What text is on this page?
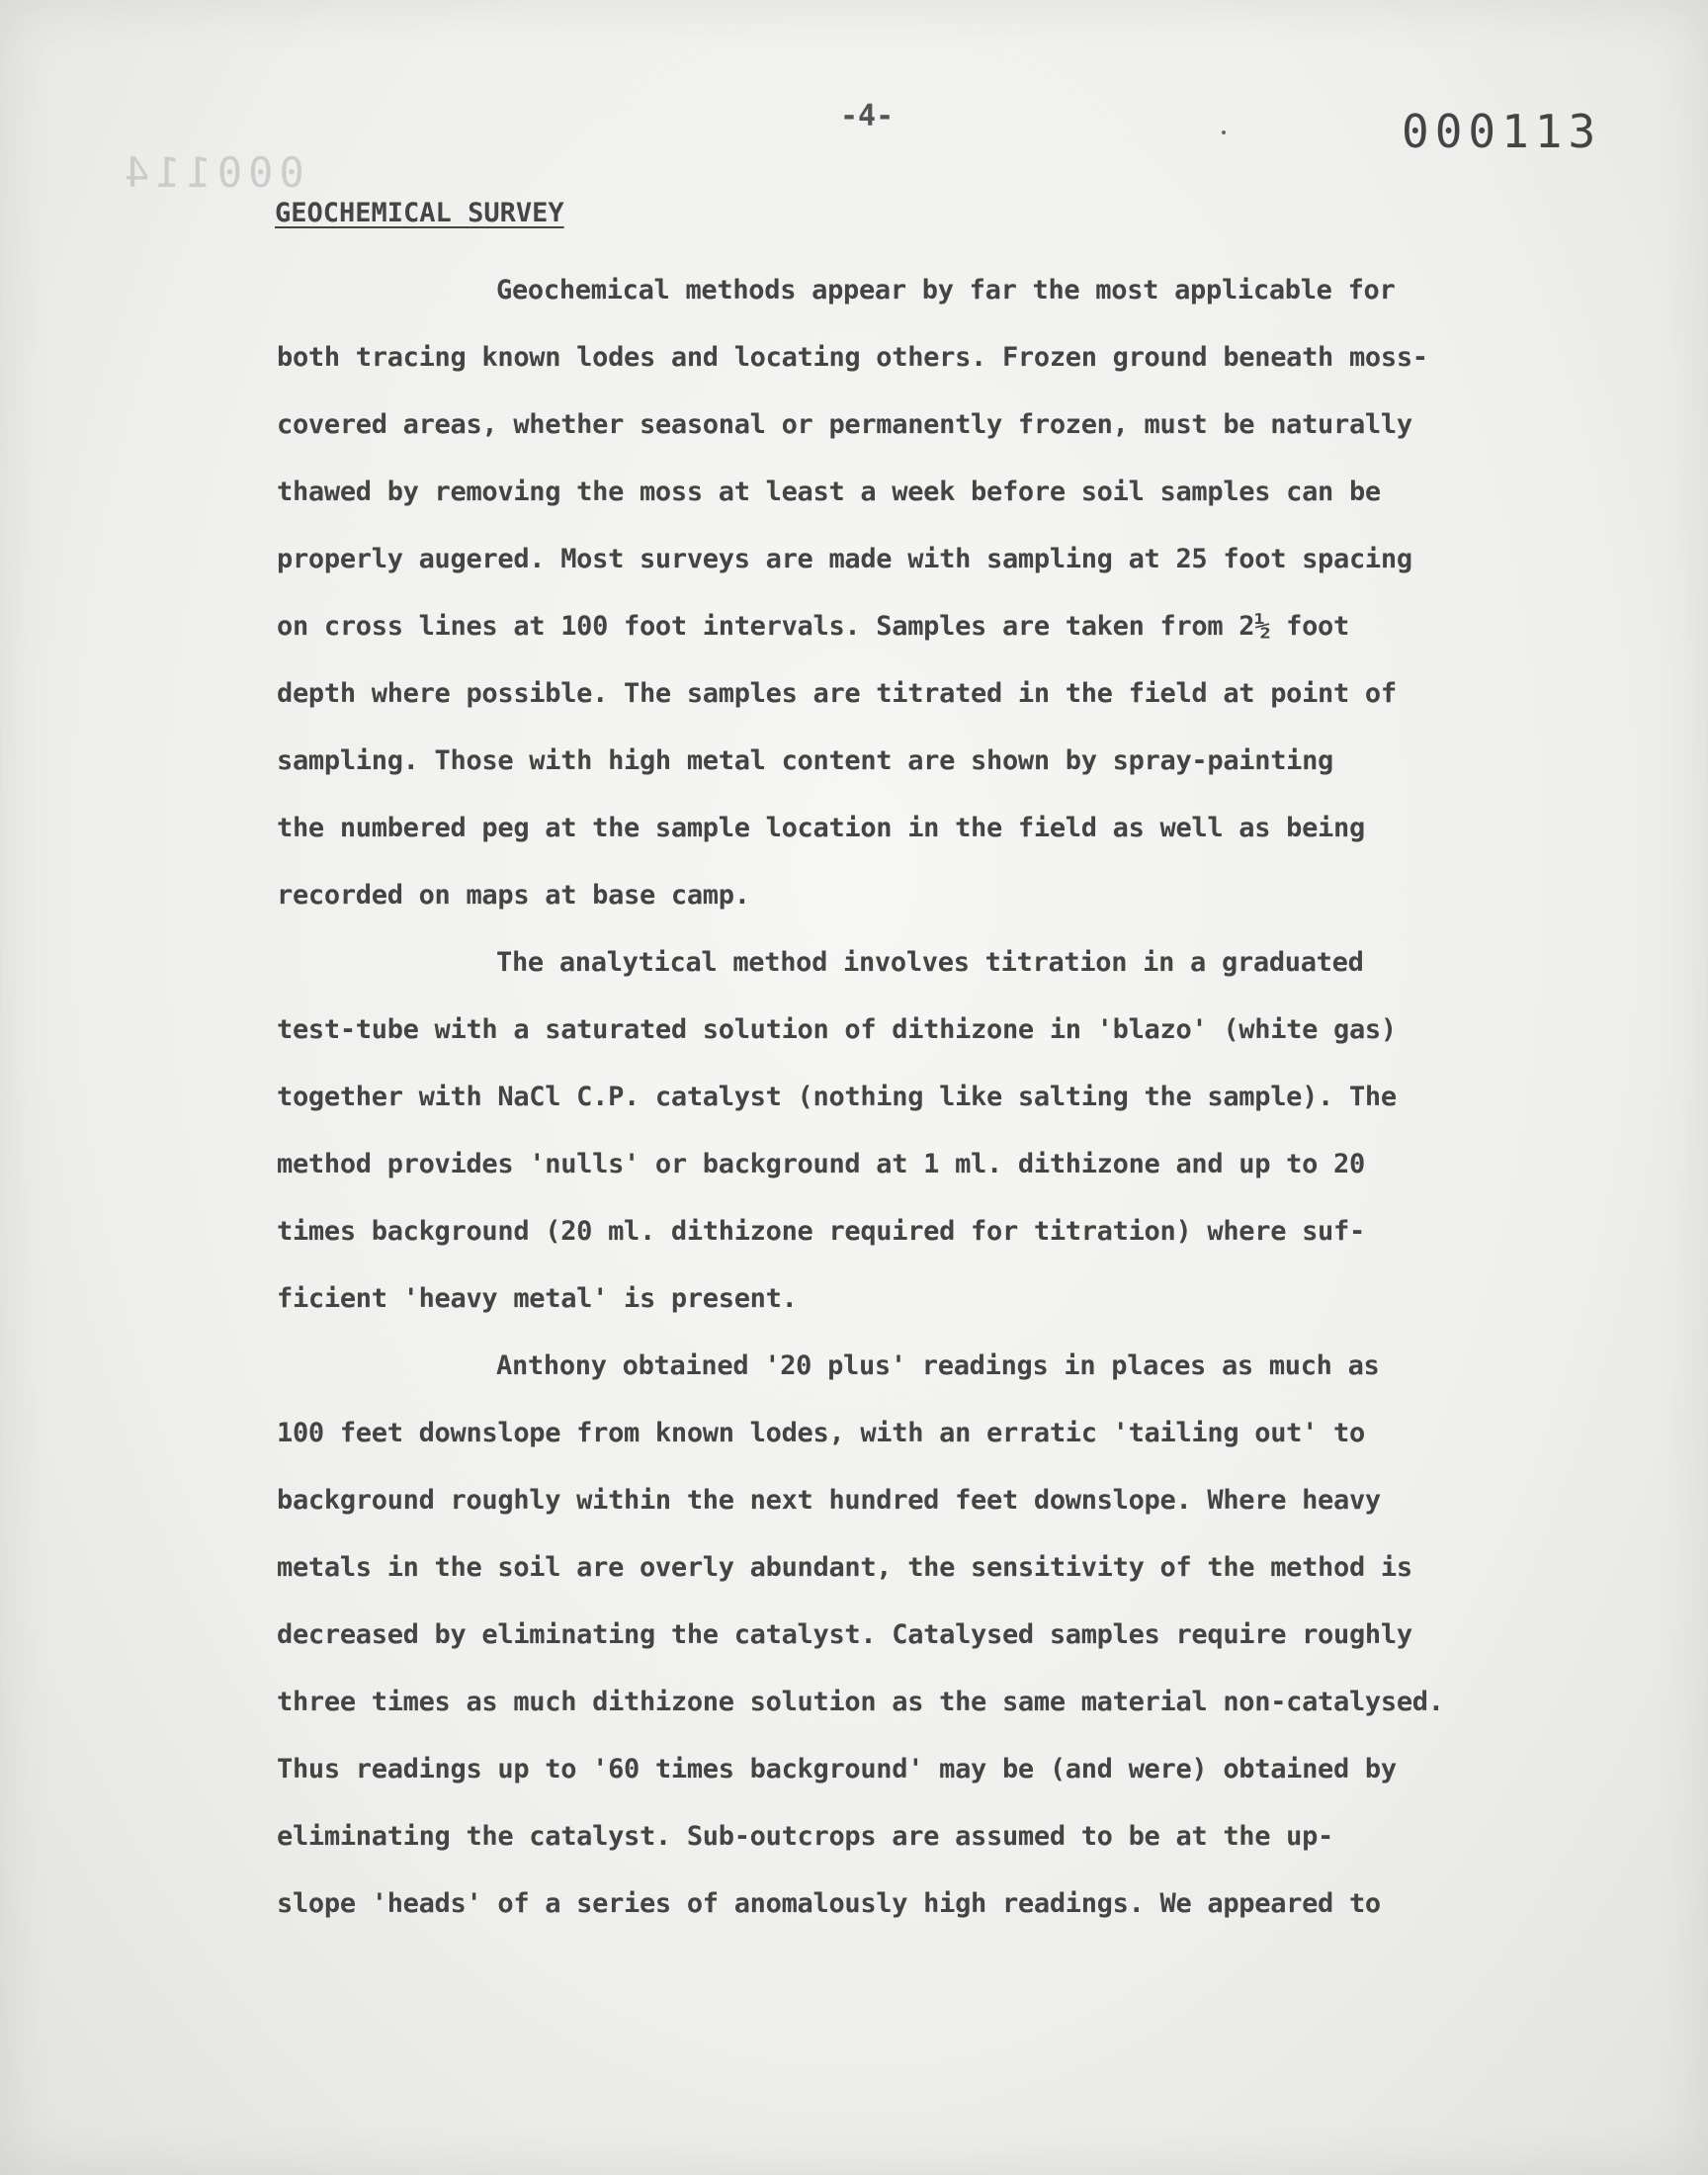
000114
-4-	000113
GEOCHEMICAL SURVEY
Geochemical methods appear by far the most applicable for
both tracing known lodes and locating others. Frozen ground beneath moss-
covered areas, whether seasonal or permanently frozen, must be naturally
thawed by removing the moss at least a week before soil samples can be
properly augered. Most surveys are made with sampling at 25 foot spacing
on cross lines at 100 foot intervals. Samples are taken from 2½ foot
depth where possible. The samples are titrated in the field at point of
sampling. Those with high metal content are shown by spray-painting
the numbered peg at the sample location in the field as well as being
recorded on maps at base camp.
The analytical method involves titration in a graduated
test-tube with a saturated solution of dithizone in 'blazo' (white gas)
together with NaCl C.P. catalyst (nothing like salting the sample). The
method provides 'nulls' or background at 1 ml. dithizone and up to 20
times background (20 ml. dithizone required for titration) where suf-
ficient 'heavy metal' is present.
Anthony obtained '20 plus' readings in places as much as
100 feet downslope from known lodes, with an erratic 'tailing out' to
background roughly within the next hundred feet downslope. Where heavy
metals in the soil are overly abundant, the sensitivity of the method is
decreased by eliminating the catalyst. Catalysed samples require roughly
three times as much dithizone solution as the same material non-catalysed.
Thus readings up to '60 times background' may be (and were) obtained by
eliminating the catalyst. Sub-outcrops are assumed to be at the up-
slope 'heads' of a series of anomalously high readings. We appeared to
